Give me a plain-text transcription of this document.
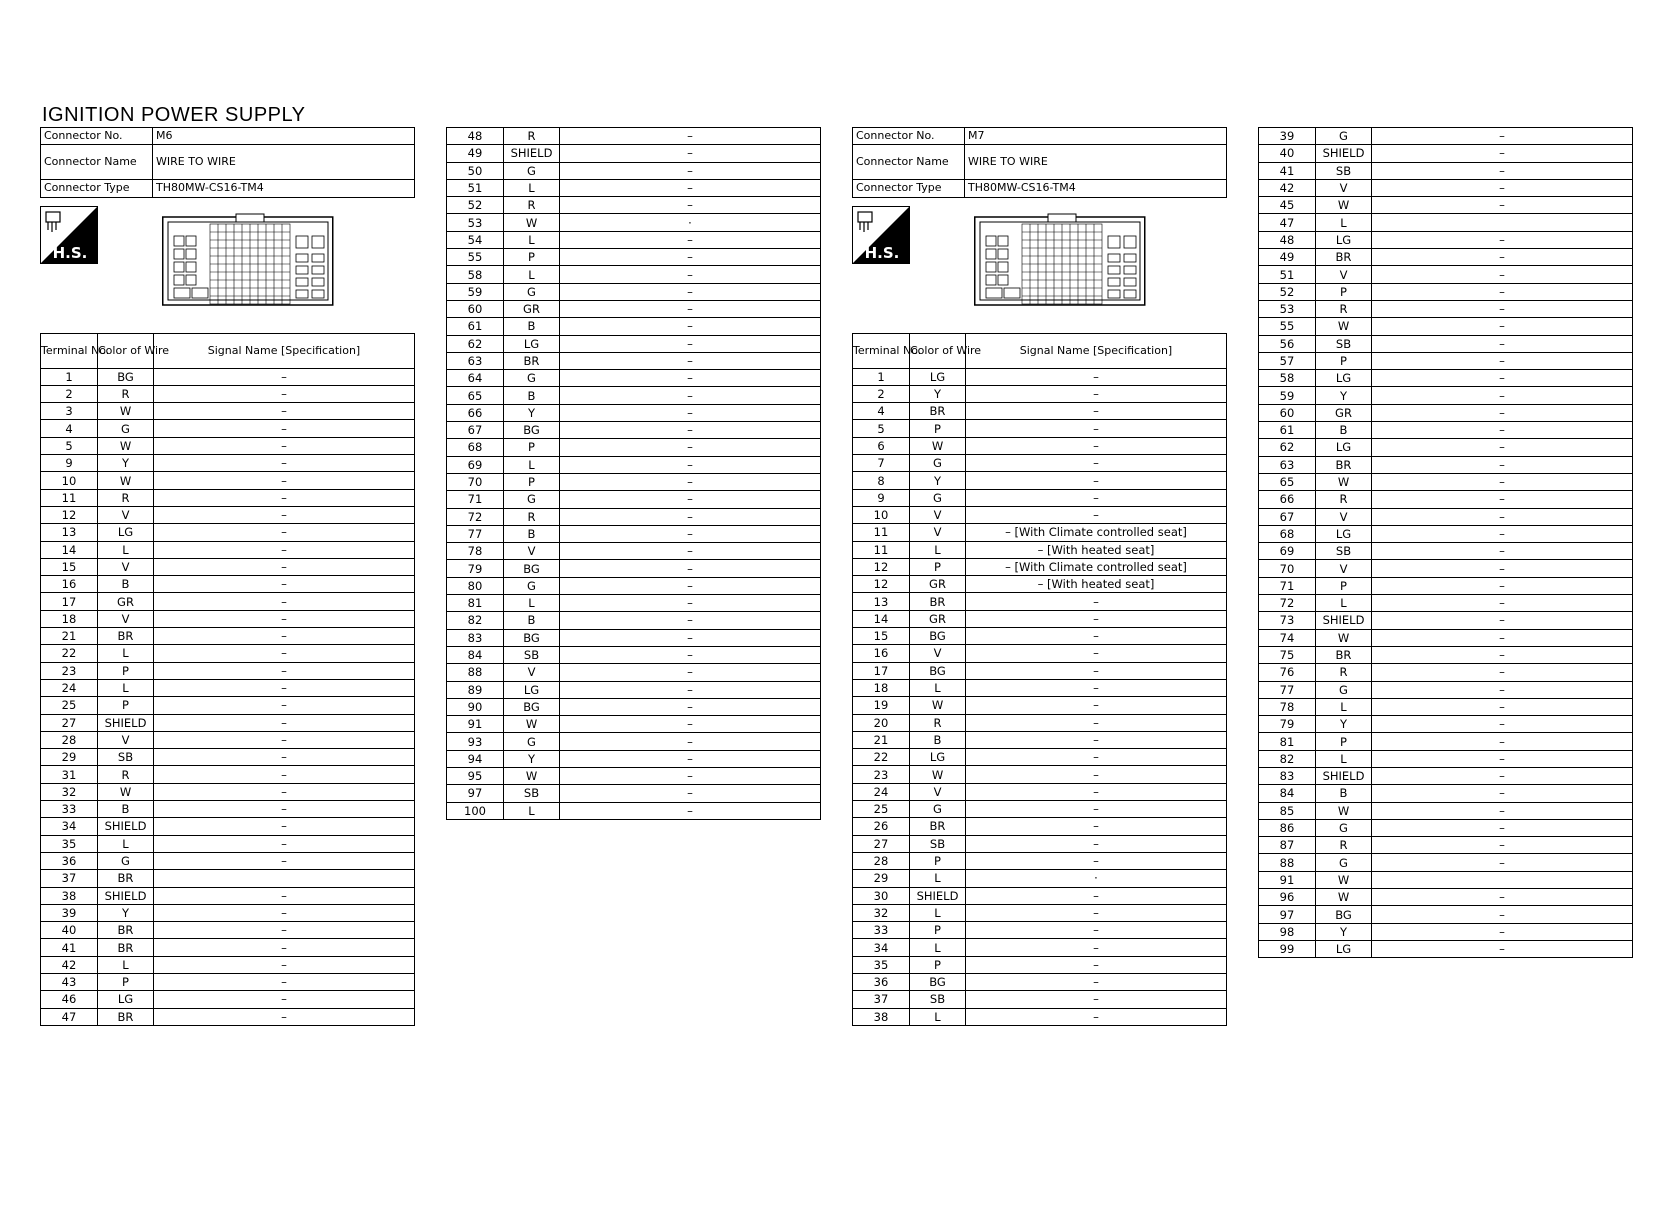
IGNITION POWER SUPPLY
Connector No.	M6
Connector Name	WIRE TO WIRE
Connector Type	TH80MW-CS16-TM4
H.S.
Terminal No.	Color of Wire	Signal Name [Specification]
1	BG	–
2	R	–
3	W	–
4	G	–
5	W	–
9	Y	–
10	W	–
11	R	–
12	V	–
13	LG	–
14	L	–
15	V	–
16	B	–
17	GR	–
18	V	–
21	BR	–
22	L	–
23	P	–
24	L	–
25	P	–
27	SHIELD	–
28	V	–
29	SB	–
31	R	–
32	W	–
33	B	–
34	SHIELD	–
35	L	–
36	G	–
37	BR	
38	SHIELD	–
39	Y	–
40	BR	–
41	BR	–
42	L	–
43	P	–
46	LG	–
47	BR	–
48	R	–
49	SHIELD	–
50	G	–
51	L	–
52	R	–
53	W	·
54	L	–
55	P	–
58	L	–
59	G	–
60	GR	–
61	B	–
62	LG	–
63	BR	–
64	G	–
65	B	–
66	Y	–
67	BG	–
68	P	–
69	L	–
70	P	–
71	G	–
72	R	–
77	B	–
78	V	–
79	BG	–
80	G	–
81	L	–
82	B	–
83	BG	–
84	SB	–
88	V	–
89	LG	–
90	BG	–
91	W	–
93	G	–
94	Y	–
95	W	–
97	SB	–
100	L	–
Connector No.	M7
Connector Name	WIRE TO WIRE
Connector Type	TH80MW-CS16-TM4
H.S.
Terminal No.	Color of Wire	Signal Name [Specification]
1	LG	–
2	Y	–
4	BR	–
5	P	–
6	W	–
7	G	–
8	Y	–
9	G	–
10	V	–
11	V	– [With Climate controlled seat]
11	L	– [With heated seat]
12	P	– [With Climate controlled seat]
12	GR	– [With heated seat]
13	BR	–
14	GR	–
15	BG	–
16	V	–
17	BG	–
18	L	–
19	W	–
20	R	–
21	B	–
22	LG	–
23	W	–
24	V	–
25	G	–
26	BR	–
27	SB	–
28	P	–
29	L	·
30	SHIELD	–
32	L	–
33	P	–
34	L	–
35	P	–
36	BG	–
37	SB	–
38	L	–
39	G	–
40	SHIELD	–
41	SB	–
42	V	–
45	W	–
47	L	
48	LG	–
49	BR	–
51	V	–
52	P	–
53	R	–
55	W	–
56	SB	–
57	P	–
58	LG	–
59	Y	–
60	GR	–
61	B	–
62	LG	–
63	BR	–
65	W	–
66	R	–
67	V	–
68	LG	–
69	SB	–
70	V	–
71	P	–
72	L	–
73	SHIELD	–
74	W	–
75	BR	–
76	R	–
77	G	–
78	L	–
79	Y	–
81	P	–
82	L	–
83	SHIELD	–
84	B	–
85	W	–
86	G	–
87	R	–
88	G	–
91	W	
96	W	–
97	BG	–
98	Y	–
99	LG	–
